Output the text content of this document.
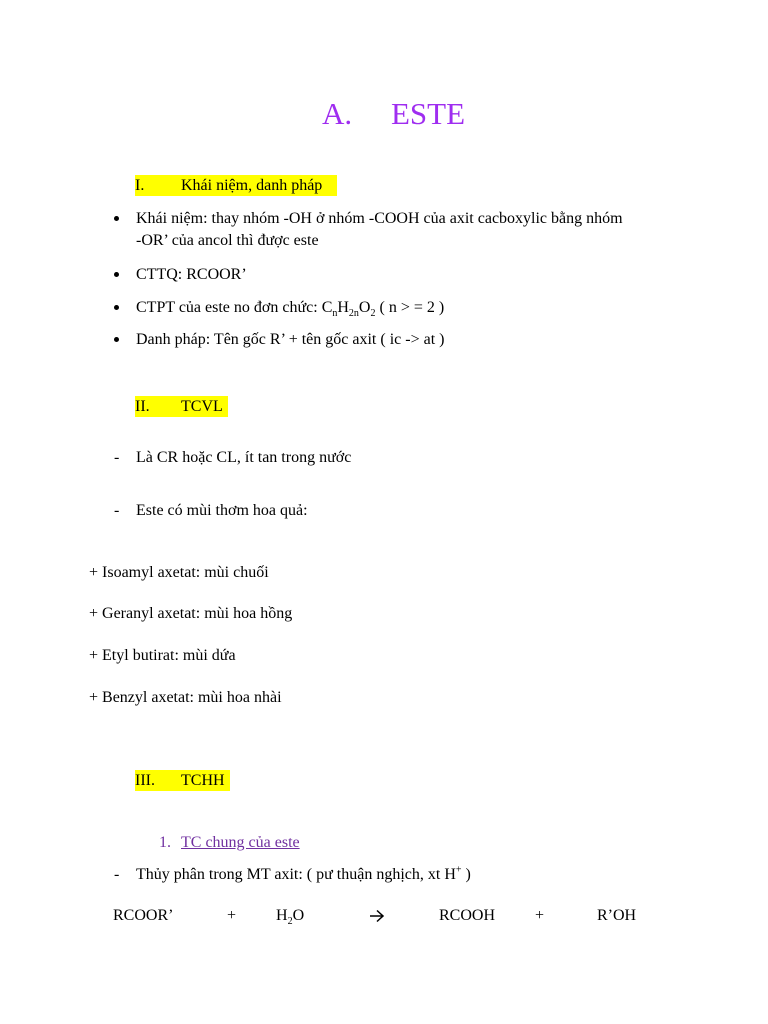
A. ESTE
I. Khái niệm, danh pháp
Khái niệm: thay nhóm -OH ở nhóm -COOH của axit cacboxylic bằng nhóm
-OR’ của ancol thì được este
CTTQ: RCOOR’
CTPT của este no đơn chức: $C_nH_{2n}O_2$ ( n > = 2 )
Danh pháp: Tên gốc R’ + tên gốc axit ( ic -> at )
II. TCVL
- Là CR hoặc CL, ít tan trong nước
- Este có mùi thơm hoa quả:
+ Isoamyl axetat: mùi chuối
+ Geranyl axetat: mùi hoa hồng
+ Etyl butirat: mùi dứa
+ Benzyl axetat: mùi hoa nhài
III. TCHH
1. TC chung của este
- Thủy phân trong MT axit: ( pư thuận nghịch, xt H+ )
RCOOR’	+ $H_2O$	RCOOH +	R’OH
